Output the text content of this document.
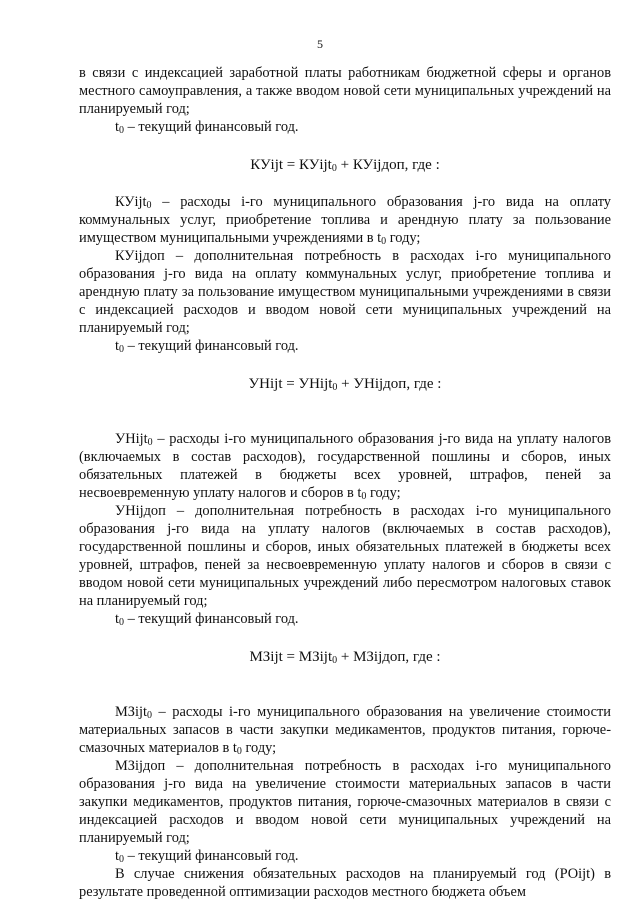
5

в связи с индексацией заработной платы работникам бюджетной сферы и органов местного самоуправления, а также вводом новой сети муниципальных учреждений на планируемый год;

$t_0$ – текущий финансовый год.

КУijt = КУijt$_0$ + КУijдоп, где :

КУijt$_0$ – расходы i-го муниципального образования j-го вида на оплату коммунальных услуг, приобретение топлива и арендную плату за пользование имуществом муниципальными учреждениями в $t_0$ году;

КУijдоп – дополнительная потребность в расходах i-го муниципального образования j-го вида на оплату коммунальных услуг, приобретение топлива и арендную плату за пользование имуществом муниципальными учреждениями в связи с индексацией расходов и вводом новой сети муниципальных учреждений на планируемый год;

$t_0$ – текущий финансовый год.

УНijt = УНijt$_0$ + УНijдоп, где :

УНijt$_0$ – расходы i-го муниципального образования j-го вида на уплату налогов (включаемых в состав расходов), государственной пошлины и сборов, иных обязательных платежей в бюджеты всех уровней, штрафов, пеней за несвоевременную уплату налогов и сборов в $t_0$ году;

УНijдоп – дополнительная потребность в расходах i-го муниципального образования j-го вида на уплату налогов (включаемых в состав расходов), государственной пошлины и сборов, иных обязательных платежей в бюджеты всех уровней, штрафов, пеней за несвоевременную уплату налогов и сборов в связи с вводом новой сети муниципальных учреждений либо пересмотром налоговых ставок на планируемый год;

$t_0$ – текущий финансовый год.

МЗijt = МЗijt$_0$ + МЗijдоп, где :

МЗijt$_0$ – расходы i-го муниципального образования на увеличение стоимости материальных запасов в части закупки медикаментов, продуктов питания, горюче-смазочных материалов в $t_0$ году;

МЗijдоп – дополнительная потребность в расходах i-го муниципального образования j-го вида на увеличение стоимости материальных запасов в части закупки медикаментов, продуктов питания, горюче-смазочных материалов в связи с индексацией расходов и вводом новой сети муниципальных учреждений на планируемый год;

$t_0$ – текущий финансовый год.

В случае снижения обязательных расходов на планируемый год (РОijt) в результате проведенной оптимизации расходов местного бюджета объем
